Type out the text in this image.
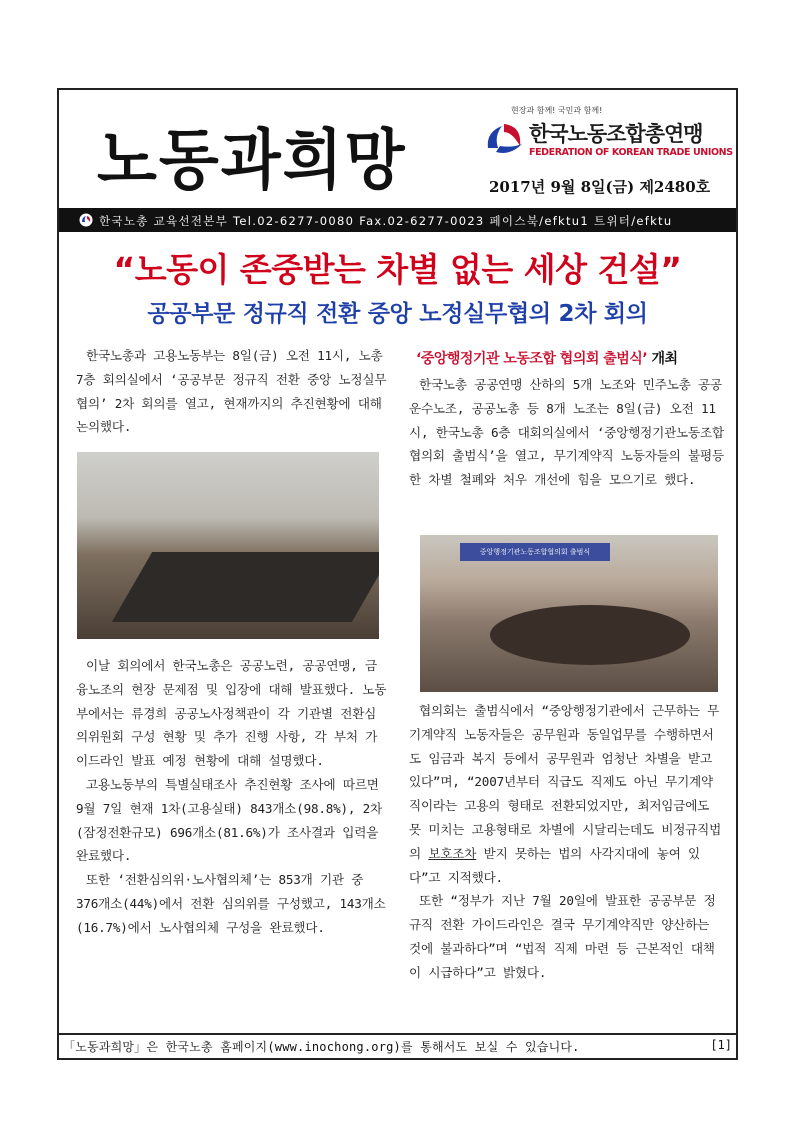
노동과희망
현장과 함께! 국민과 함께!
한국노동조합총연맹
FEDERATION OF KOREAN TRADE UNIONS
2017년 9월 8일(금) 제2480호
한국노총 교육선전본부 Tel.02-6277-0080 Fax.02-6277-0023 페이스북/efktu1 트위터/efktu
“노동이 존중받는 차별 없는 세상 건설”
공공부문 정규직 전환 중앙 노정실무협의 2차 회의

한국노총과 고용노동부는 8일(금) 오전 11시, 노총 7층 회의실에서 ‘공공부문 정규직 전환 중앙 노정실무협의’ 2차 회의를 열고, 현재까지의 추진현황에 대해 논의했다.

이날 회의에서 한국노총은 공공노련, 공공연맹, 금융노조의 현장 문제점 및 입장에 대해 발표했다. 노동부에서는 류경희 공공노사정책관이 각 기관별 전환심의위원회 구성 현황 및 추가 진행 사항, 각 부처 가이드라인 발표 예정 현황에 대해 설명했다.

고용노동부의 특별실태조사 추진현황 조사에 따르면 9월 7일 현재 1차(고용실태) 843개소(98.8%), 2차(잠정전환규모) 696개소(81.6%)가 조사결과 입력을 완료했다.

또한 ‘전환심의위·노사협의체’는 853개 기관 중 376개소(44%)에서 전환 심의위를 구성했고, 143개소(16.7%)에서 노사협의체 구성을 완료했다.

‘중앙행정기관 노동조합 협의회 출범식’ 개최

한국노총 공공연맹 산하의 5개 노조와 민주노총 공공운수노조, 공공노총 등 8개 노조는 8일(금) 오전 11시, 한국노총 6층 대회의실에서 ‘중앙행정기관노동조합 협의회 출범식’을 열고, 무기계약직 노동자들의 불평등한 차별 철폐와 처우 개선에 힘을 모으기로 했다.

중앙행정기관노동조합협의회 출범식

협의회는 출범식에서 “중앙행정기관에서 근무하는 무기계약직 노동자들은 공무원과 동일업무를 수행하면서도 임금과 복지 등에서 공무원과 엄청난 차별을 받고 있다”며, “2007년부터 직급도 직제도 아닌 무기계약직이라는 고용의 형태로 전환되었지만, 최저임금에도 못 미치는 고용형태로 차별에 시달리는데도 비정규직법의 보호조차 받지 못하는 법의 사각지대에 놓여 있다”고 지적했다.

또한 “정부가 지난 7월 20일에 발표한 공공부문 정규직 전환 가이드라인은 결국 무기계약직만 양산하는 것에 불과하다”며 “법적 직제 마련 등 근본적인 대책이 시급하다”고 밝혔다.

「노동과희망」은 한국노총 홈페이지(www.inochong.org)를 통해서도 보실 수 있습니다.	[1]
